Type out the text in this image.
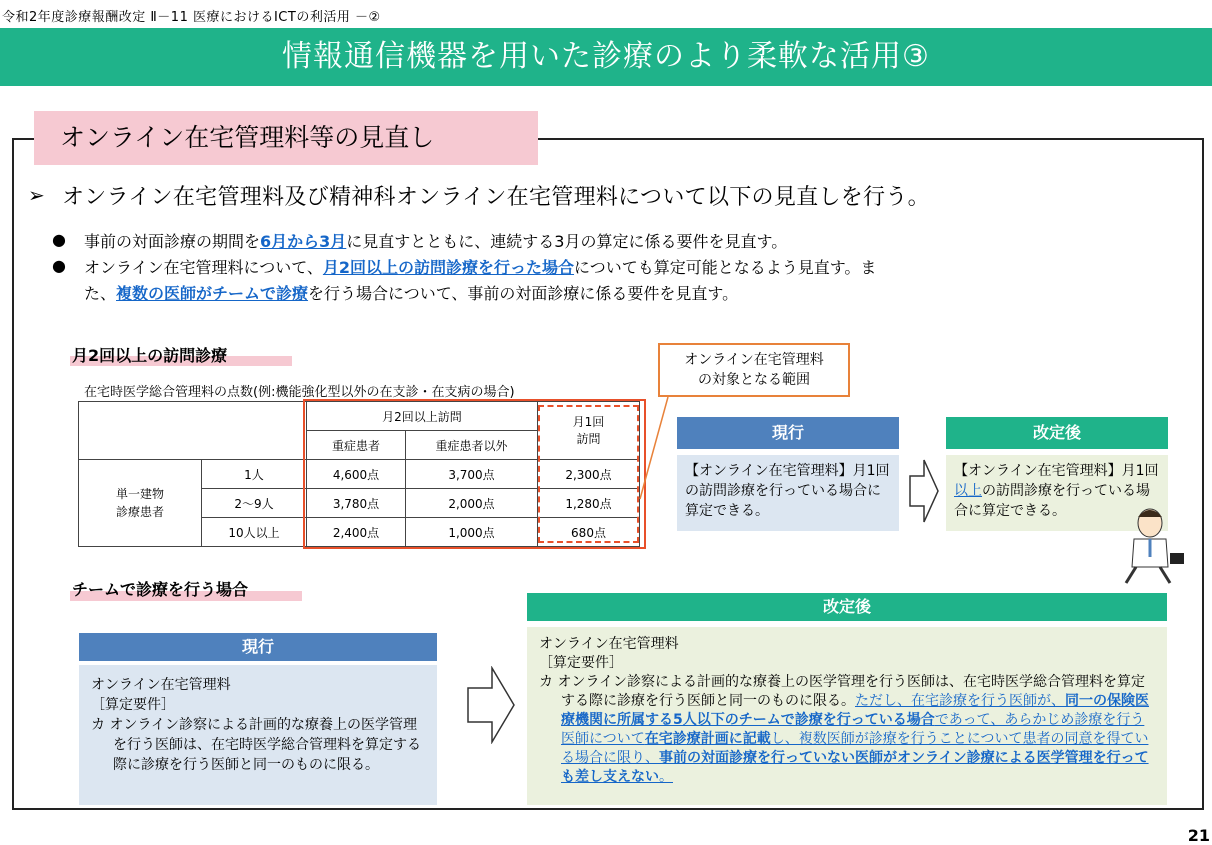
令和2年度診療報酬改定 Ⅱ－11 医療におけるICTの利活用 －②
情報通信機器を用いた診療のより柔軟な活用③
オンライン在宅管理料等の見直し
➢ オンライン在宅管理料及び精神科オンライン在宅管理料について以下の見直しを行う。
● 事前の対面診療の期間を6月から3月に見直すとともに、連続する3月の算定に係る要件を見直す。
● オンライン在宅管理料について、月2回以上の訪問診療を行った場合についても算定可能となるよう見直す。ま
た、複数の医師がチームで診療を行う場合について、事前の対面診療に係る要件を見直す。
月2回以上の訪問診療
在宅時医学総合管理料の点数(例:機能強化型以外の在支診・在支病の場合)
		月2回以上訪問		月1回
訪問
		重症患者	重症患者以外	
単一建物
診療患者	1人	4,600点	3,700点	2,300点
	2～9人	3,780点	2,000点	1,280点
	10人以上	2,400点	1,000点	680点
オンライン在宅管理料
の対象となる範囲
現行
【オンライン在宅管理料】月1回の訪問診療を行っている場合に算定できる。
改定後
【オンライン在宅管理料】月1回以上の訪問診療を行っている場合に算定できる。
チームで診療を行う場合
現行
オンライン在宅管理料
［算定要件］
カ オンライン診察による計画的な療養上の医学管理を行う医師は、在宅時医学総合管理料を算定する際に診療を行う医師と同一のものに限る。
改定後
オンライン在宅管理料
［算定要件］
カ オンライン診察による計画的な療養上の医学管理を行う医師は、在宅時医学総合管理料を算定する際に診療を行う医師と同一のものに限る。ただし、在宅診療を行う医師が、同一の保険医療機関に所属する5人以下のチームで診療を行っている場合であって、あらかじめ診療を行う医師について在宅診療計画に記載し、複数医師が診療を行うことについて患者の同意を得ている場合に限り、事前の対面診療を行っていない医師がオンライン診療による医学管理を行っても差し支えない。
21
